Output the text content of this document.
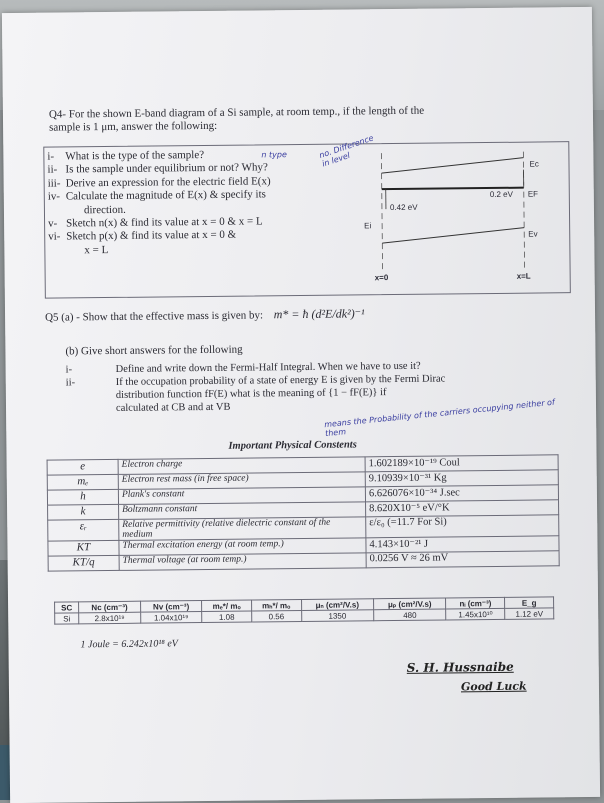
Q4- For the shown E-band diagram of a Si sample, at room temp., if the length of the
sample is 1 μm, answer the following:
i-	What is the type of the sample?
ii- Is the sample under equilibrium or not? Why?
iii- Derive an expression for the electric field E(x)
iv- Calculate the magnitude of E(x) & specify its
direction.
v- Sketch n(x) & find its value at x = 0 & x = L
vi- Sketch p(x) & find its value at x = 0 &
x = L
n type	no. Difference in level	Ec
EF
Ev
Ei
0.42 eV
0.2 eV
x=0	x=L
Q5 (a) - Show that the effective mass is given by: m* = ħ (d²E/dk²)⁻¹
(b) Give short answers for the following
i-	Define and write down the Fermi-Half Integral. When we have to use it?
ii-	If the occupation probability of a state of energy E is given by the Fermi Dirac
distribution function fF(E) what is the meaning of {1 − fF(E)} if
calculated at CB and at VB	means the Probability of the carriers occupying neither of them
Important Physical Constents
e	Electron charge	1.602189×10⁻¹⁹ Coul
mₑ	Electron rest mass (in free space)	9.10939×10⁻³¹ Kg
h	Plank's constant	6.626076×10⁻³⁴ J.sec
k	Boltzmann constant	8.620X10⁻⁵ eV/°K
εᵣ	Relative permittivity (relative dielectric constant of the medium	ε/ε₀ (=11.7 For Si)
KT	Thermal excitation energy (at room temp.)	4.143×10⁻²¹ J
KT/q	Thermal voltage (at room temp.)	0.0256 V ≈ 26 mV
SC	Nc (cm⁻³)	Nv (cm⁻³)	mₑ*/ mₒ	mₕ*/ mₒ	μₙ (cm²/V.s)	μₚ (cm²/V.s)	nᵢ (cm⁻³)	E_g
Si	2.8x10¹⁹	1.04x10¹⁹	1.08	0.56	1350	480	1.45x10¹⁰	1.12 eV
1 Joule = 6.242x10¹⁸ eV
S. H. Hussnaibe
Good Luck
